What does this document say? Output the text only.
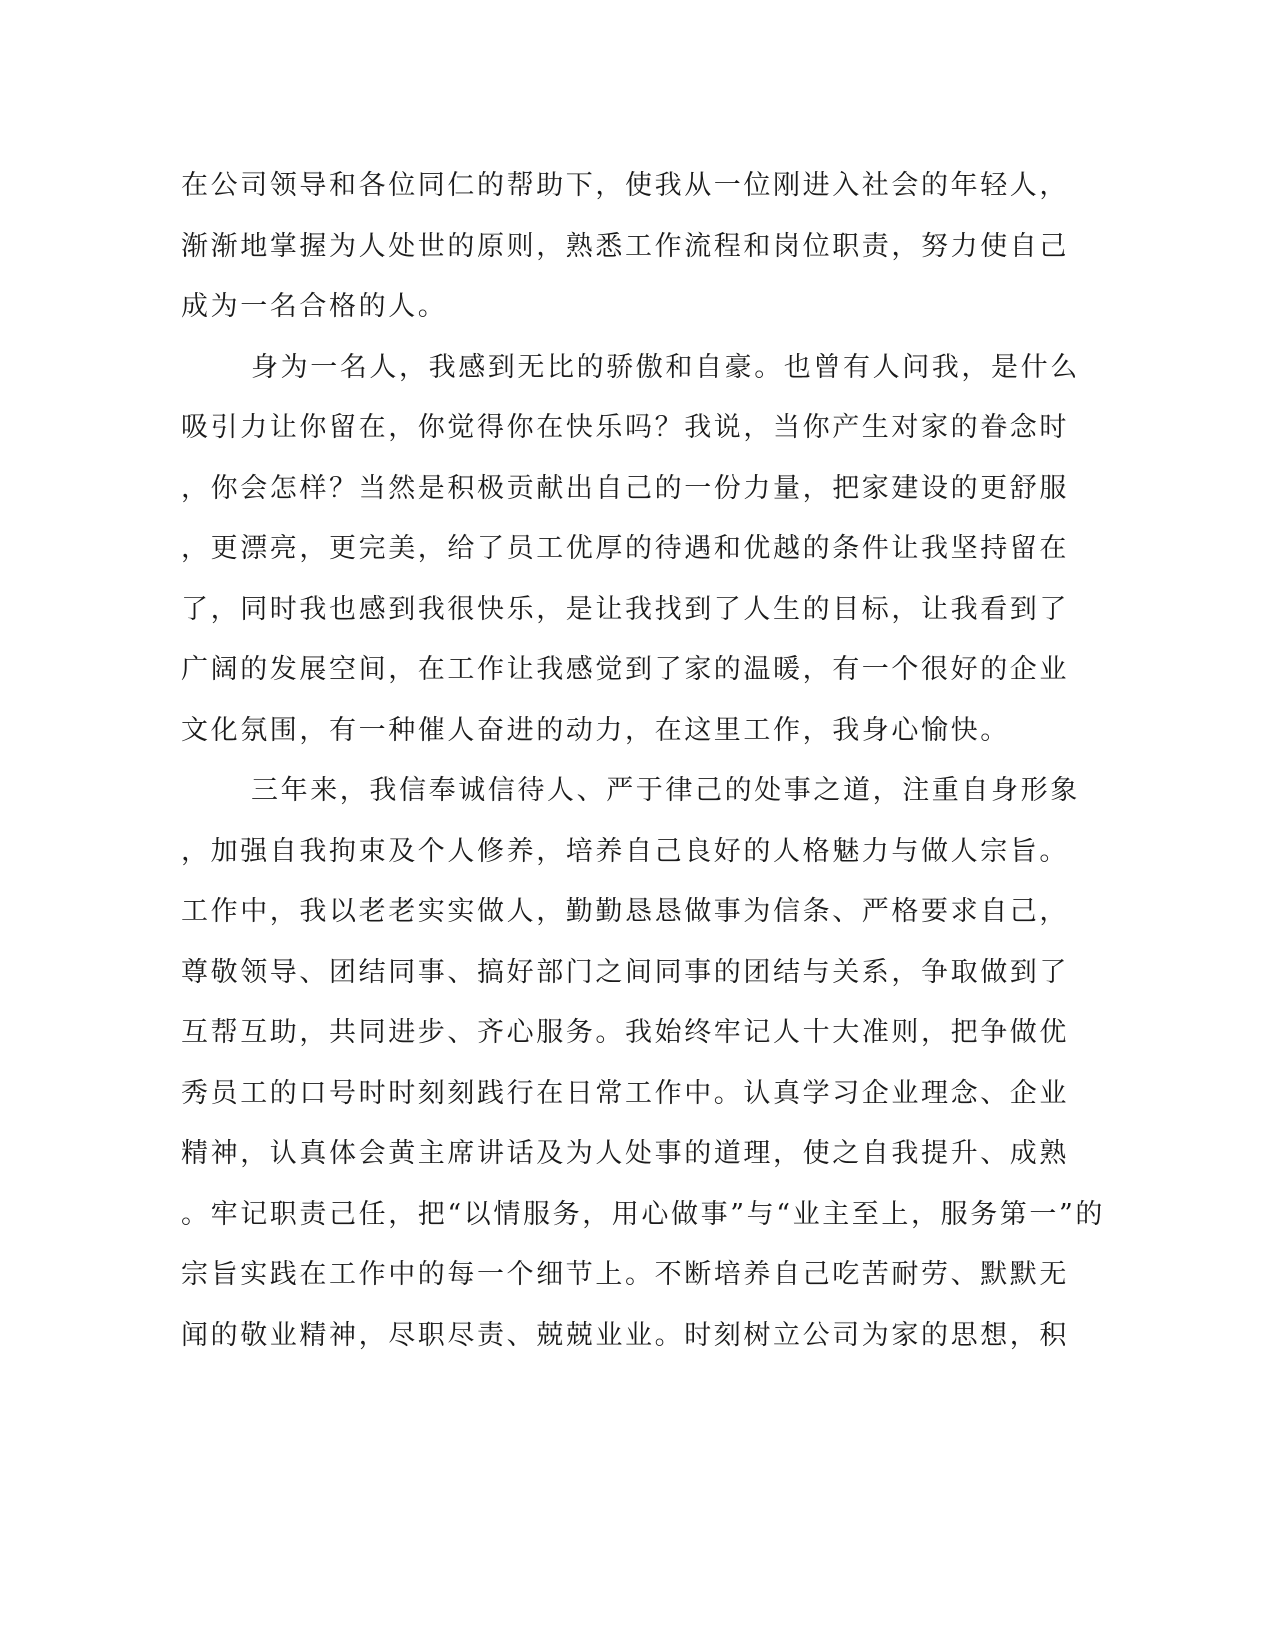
在公司领导和各位同仁的帮助下，使我从一位刚进入社会的年轻人，
渐渐地掌握为人处世的原则，熟悉工作流程和岗位职责，努力使自己
成为一名合格的人。
身为一名人，我感到无比的骄傲和自豪。也曾有人问我，是什么
吸引力让你留在，你觉得你在快乐吗？我说，当你产生对家的眷念时
，你会怎样？当然是积极贡献出自己的一份力量，把家建设的更舒服
，更漂亮，更完美，给了员工优厚的待遇和优越的条件让我坚持留在
了，同时我也感到我很快乐，是让我找到了人生的目标，让我看到了
广阔的发展空间，在工作让我感觉到了家的温暖，有一个很好的企业
文化氛围，有一种催人奋进的动力，在这里工作，我身心愉快。
三年来，我信奉诚信待人、严于律己的处事之道，注重自身形象
，加强自我拘束及个人修养，培养自己良好的人格魅力与做人宗旨。
工作中，我以老老实实做人，勤勤恳恳做事为信条、严格要求自己，
尊敬领导、团结同事、搞好部门之间同事的团结与关系，争取做到了
互帮互助，共同进步、齐心服务。我始终牢记人十大准则，把争做优
秀员工的口号时时刻刻践行在日常工作中。认真学习企业理念、企业
精神，认真体会黄主席讲话及为人处事的道理，使之自我提升、成熟
。牢记职责己任，把“以情服务，用心做事”与“业主至上，服务第一”的
宗旨实践在工作中的每一个细节上。不断培养自己吃苦耐劳、默默无
闻的敬业精神，尽职尽责、兢兢业业。时刻树立公司为家的思想，积
